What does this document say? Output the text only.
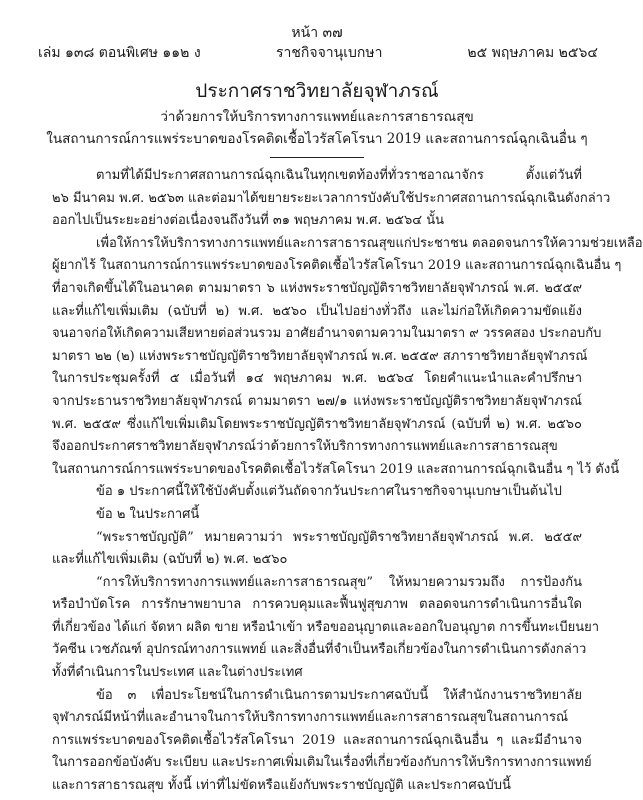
หน้า ๓๗
เล่ม ๑๓๘ ตอนพิเศษ ๑๑๒ ง	ราชกิจจานุเบกษา	๒๕ พฤษภาคม ๒๕๖๔
ประกาศราชวิทยาลัยจุฬาภรณ์
ว่าด้วยการให้บริการทางการแพทย์และการสาธารณสุข
ในสถานการณ์การแพร่ระบาดของโรคติดเชื้อไวรัสโคโรนา 2019 และสถานการณ์ฉุกเฉินอื่น ๆ
ตามที่ได้มีประกาศสถานการณ์ฉุกเฉินในทุกเขตท้องที่ทั่วราชอาณาจักร ตั้งแต่วันที่
๒๖ มีนาคม พ.ศ. ๒๕๖๓ และต่อมาได้ขยายระยะเวลาการบังคับใช้ประกาศสถานการณ์ฉุกเฉินดังกล่าว
ออกไปเป็นระยะอย่างต่อเนื่องจนถึงวันที่ ๓๑ พฤษภาคม พ.ศ. ๒๕๖๔ นั้น
เพื่อให้การให้บริการทางการแพทย์และการสาธารณสุขแก่ประชาชน ตลอดจนการให้ความช่วยเหลือ
ผู้ยากไร้ ในสถานการณ์การแพร่ระบาดของโรคติดเชื้อไวรัสโคโรนา 2019 และสถานการณ์ฉุกเฉินอื่น ๆ
ที่อาจเกิดขึ้นได้ในอนาคต ตามมาตรา ๖ แห่งพระราชบัญญัติราชวิทยาลัยจุฬาภรณ์ พ.ศ. ๒๕๕๙
และที่แก้ไขเพิ่มเติม (ฉบับที่ ๒) พ.ศ. ๒๕๖๐ เป็นไปอย่างทั่วถึง และไม่ก่อให้เกิดความขัดแย้ง
จนอาจก่อให้เกิดความเสียหายต่อส่วนรวม อาศัยอำนาจตามความในมาตรา ๙ วรรคสอง ประกอบกับ
มาตรา ๒๒ (๒) แห่งพระราชบัญญัติราชวิทยาลัยจุฬาภรณ์ พ.ศ. ๒๕๕๙ สภาราชวิทยาลัยจุฬาภรณ์
ในการประชุมครั้งที่ ๕ เมื่อวันที่ ๑๔ พฤษภาคม พ.ศ. ๒๕๖๔ โดยคำแนะนำและคำปรึกษา
จากประธานราชวิทยาลัยจุฬาภรณ์ ตามมาตรา ๒๗/๑ แห่งพระราชบัญญัติราชวิทยาลัยจุฬาภรณ์
พ.ศ. ๒๕๕๙ ซึ่งแก้ไขเพิ่มเติมโดยพระราชบัญญัติราชวิทยาลัยจุฬาภรณ์ (ฉบับที่ ๒) พ.ศ. ๒๕๖๐
จึงออกประกาศราชวิทยาลัยจุฬาภรณ์ว่าด้วยการให้บริการทางการแพทย์และการสาธารณสุข
ในสถานการณ์การแพร่ระบาดของโรคติดเชื้อไวรัสโคโรนา 2019 และสถานการณ์ฉุกเฉินอื่น ๆ ไว้ ดังนี้
ข้อ ๑ ประกาศนี้ให้ใช้บังคับตั้งแต่วันถัดจากวันประกาศในราชกิจจานุเบกษาเป็นต้นไป
ข้อ ๒ ในประกาศนี้
“พระราชบัญญัติ” หมายความว่า พระราชบัญญัติราชวิทยาลัยจุฬาภรณ์ พ.ศ. ๒๕๕๙
และที่แก้ไขเพิ่มเติม (ฉบับที่ ๒) พ.ศ. ๒๕๖๐
“การให้บริการทางการแพทย์และการสาธารณสุข” ให้หมายความรวมถึง การป้องกัน
หรือบำบัดโรค การรักษาพยาบาล การควบคุมและฟื้นฟูสุขภาพ ตลอดจนการดำเนินการอื่นใด
ที่เกี่ยวข้อง ได้แก่ จัดหา ผลิต ขาย หรือนำเข้า หรือขออนุญาตและออกใบอนุญาต การขึ้นทะเบียนยา
วัคซีน เวชภัณฑ์ อุปกรณ์ทางการแพทย์ และสิ่งอื่นที่จำเป็นหรือเกี่ยวข้องในการดำเนินการดังกล่าว
ทั้งที่ดำเนินการในประเทศ และในต่างประเทศ
ข้อ ๓ เพื่อประโยชน์ในการดำเนินการตามประกาศฉบับนี้ ให้สำนักงานราชวิทยาลัย
จุฬาภรณ์มีหน้าที่และอำนาจในการให้บริการทางการแพทย์และการสาธารณสุขในสถานการณ์
การแพร่ระบาดของโรคติดเชื้อไวรัสโคโรนา 2019 และสถานการณ์ฉุกเฉินอื่น ๆ และมีอำนาจ
ในการออกข้อบังคับ ระเบียบ และประกาศเพิ่มเติมในเรื่องที่เกี่ยวข้องกับการให้บริการทางการแพทย์
และการสาธารณสุข ทั้งนี้ เท่าที่ไม่ขัดหรือแย้งกับพระราชบัญญัติ และประกาศฉบับนี้
